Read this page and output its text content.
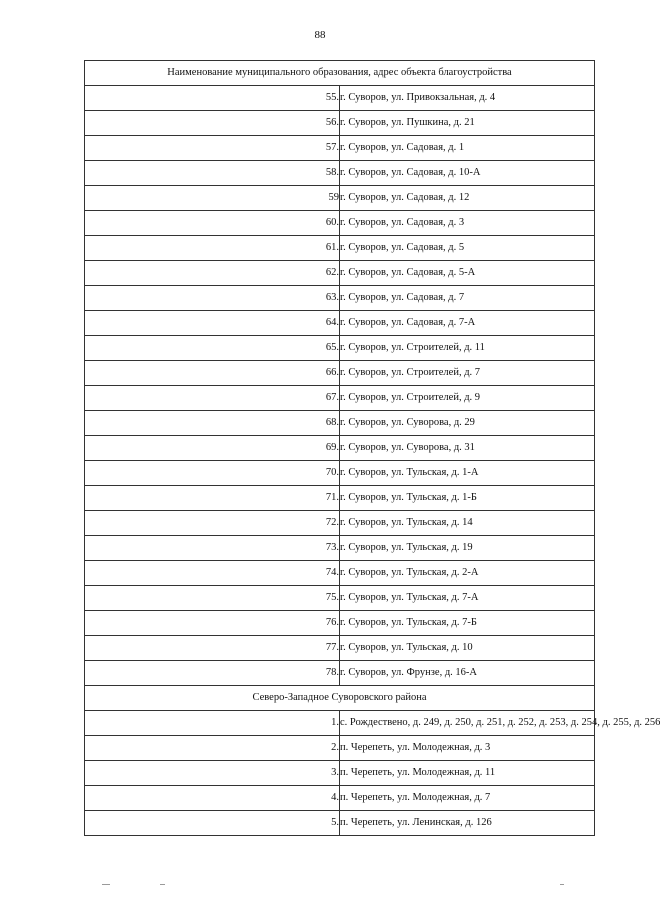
88
Наименование муниципального образования, адрес объекта благоустройства	
55.	г. Суворов, ул. Привокзальная, д. 4
56.	г. Суворов, ул. Пушкина, д. 21
57.	г. Суворов, ул. Садовая, д. 1
58.	г. Суворов, ул. Садовая, д. 10-А
59	г. Суворов, ул. Садовая, д. 12
60.	г. Суворов, ул. Садовая, д. 3
61.	г. Суворов, ул. Садовая, д. 5
62.	г. Суворов, ул. Садовая, д. 5-А
63.	г. Суворов, ул. Садовая, д. 7
64.	г. Суворов, ул. Садовая, д. 7-А
65.	г. Суворов, ул. Строителей, д. 11
66.	г. Суворов, ул. Строителей, д. 7
67.	г. Суворов, ул. Строителей, д. 9
68.	г. Суворов, ул. Суворова, д. 29
69.	г. Суворов, ул. Суворова, д. 31
70.	г. Суворов, ул. Тульская, д. 1-А
71.	г. Суворов, ул. Тульская, д. 1-Б
72.	г. Суворов, ул. Тульская, д. 14
73.	г. Суворов, ул. Тульская, д. 19
74.	г. Суворов, ул. Тульская, д. 2-А
75.	г. Суворов, ул. Тульская, д. 7-А
76.	г. Суворов, ул. Тульская, д. 7-Б
77.	г. Суворов, ул. Тульская, д. 10
78.	г. Суворов, ул. Фрунзе, д. 16-А
Северо-Западное Суворовского района	
1.	с. Рождествено, д. 249, д. 250, д. 251, д. 252, д. 253, д. 254, д. 255, д. 256
2.	п. Черепеть, ул. Молодежная, д. 3
3.	п. Черепеть, ул. Молодежная, д. 11
4.	п. Черепеть, ул. Молодежная, д. 7
5.	п. Черепеть, ул. Ленинская, д. 126
